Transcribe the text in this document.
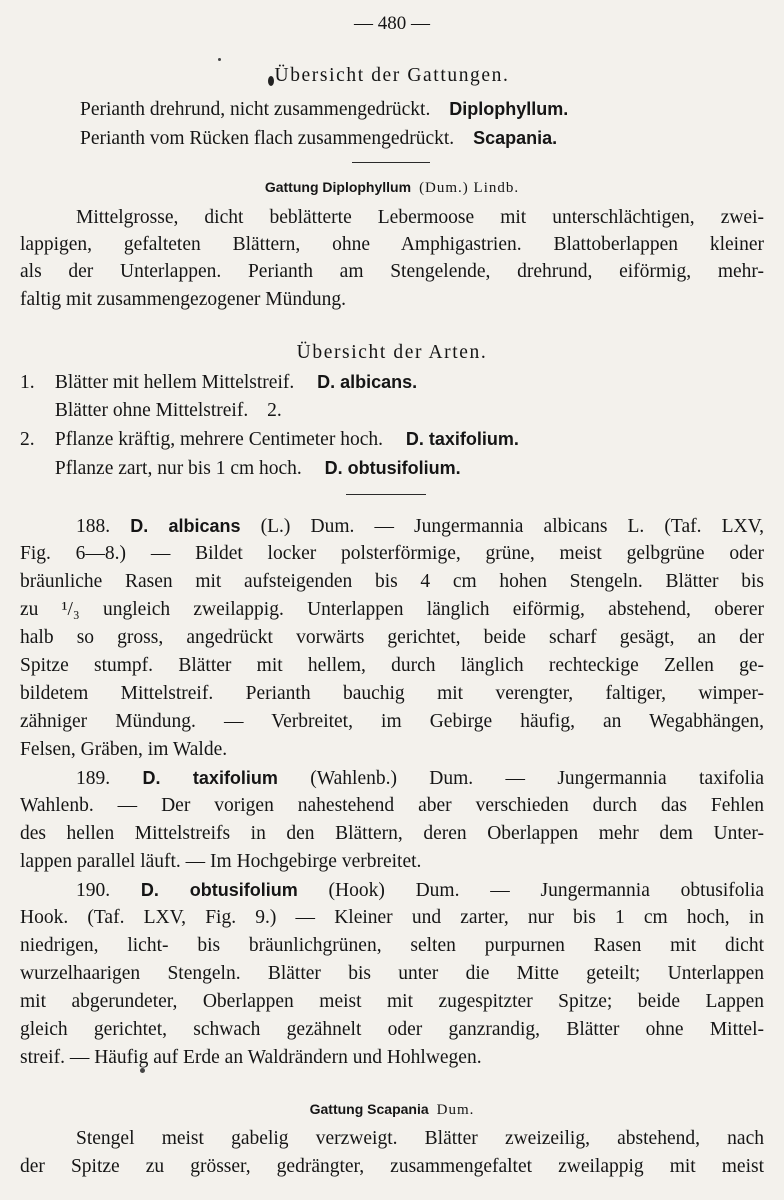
— 480 —
Übersicht der Gattungen.
Perianth drehrund, nicht zusammengedrückt. Diplophyllum.
Perianth vom Rücken flach zusammengedrückt. Scapania.
Gattung Diplophyllum (Dum.) Lindb.
Mittelgrosse, dicht beblätterte Lebermoose mit unterschlächtigen, zwei-
lappigen, gefalteten Blättern, ohne Amphigastrien. Blattoberlappen kleiner
als der Unterlappen. Perianth am Stengelende, drehrund, eiförmig, mehr-
faltig mit zusammengezogener Mündung.
Übersicht der Arten.
1. Blätter mit hellem Mittelstreif. D. albicans.
Blätter ohne Mittelstreif. 2.
2. Pflanze kräftig, mehrere Centimeter hoch. D. taxifolium.
Pflanze zart, nur bis 1 cm hoch. D. obtusifolium.
188. D. albicans (L.) Dum. — Jungermannia albicans L. (Taf. LXV,
Fig. 6—8.) — Bildet locker polsterförmige, grüne, meist gelbgrüne oder
bräunliche Rasen mit aufsteigenden bis 4 cm hohen Stengeln. Blätter bis
zu ¹/₃ ungleich zweilappig. Unterlappen länglich eiförmig, abstehend, oberer
halb so gross, angedrückt vorwärts gerichtet, beide scharf gesägt, an der
Spitze stumpf. Blätter mit hellem, durch länglich rechteckige Zellen ge-
bildetem Mittelstreif. Perianth bauchig mit verengter, faltiger, wimper-
zähniger Mündung. — Verbreitet, im Gebirge häufig, an Wegabhängen,
Felsen, Gräben, im Walde.
189. D. taxifolium (Wahlenb.) Dum. — Jungermannia taxifolia
Wahlenb. — Der vorigen nahestehend aber verschieden durch das Fehlen
des hellen Mittelstreifs in den Blättern, deren Oberlappen mehr dem Unter-
lappen parallel läuft. — Im Hochgebirge verbreitet.
190. D. obtusifolium (Hook) Dum. — Jungermannia obtusifolia
Hook. (Taf. LXV, Fig. 9.) — Kleiner und zarter, nur bis 1 cm hoch, in
niedrigen, licht- bis bräunlichgrünen, selten purpurnen Rasen mit dicht
wurzelhaarigen Stengeln. Blätter bis unter die Mitte geteilt; Unterlappen
mit abgerundeter, Oberlappen meist mit zugespitzter Spitze; beide Lappen
gleich gerichtet, schwach gezähnelt oder ganzrandig, Blätter ohne Mittel-
streif. — Häufig auf Erde an Waldrändern und Hohlwegen.
Gattung Scapania Dum.
Stengel meist gabelig verzweigt. Blätter zweizeilig, abstehend, nach
der Spitze zu grösser, gedrängter, zusammengefaltet zweilappig mit meist
